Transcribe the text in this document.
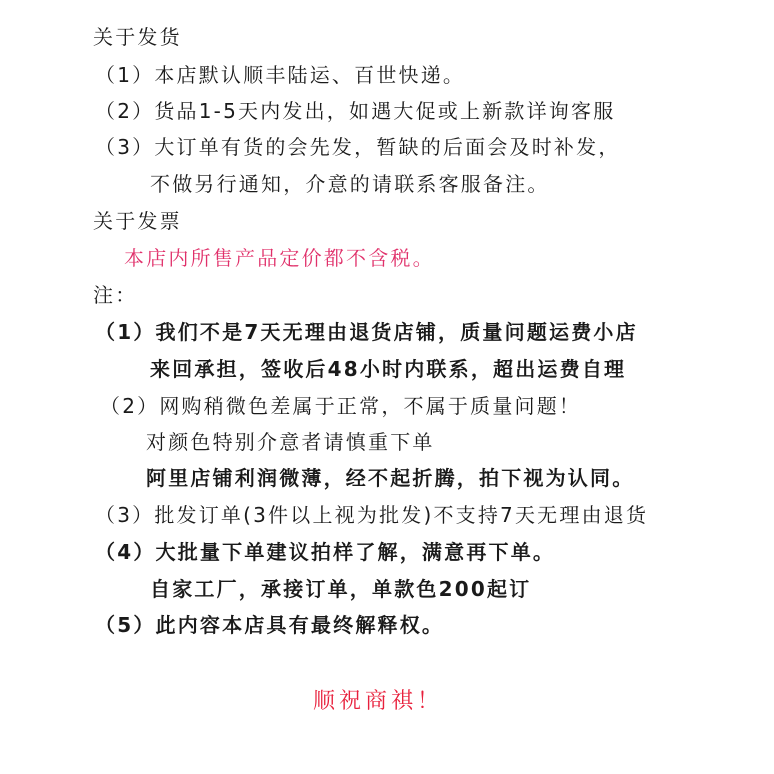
关于发货
（1）本店默认顺丰陆运、百世快递。
（2）货品1-5天内发出，如遇大促或上新款详询客服
（3）大订单有货的会先发，暂缺的后面会及时补发，
不做另行通知，介意的请联系客服备注。
关于发票
本店内所售产品定价都不含税。
注：
（1）我们不是7天无理由退货店铺，质量问题运费小店
来回承担，签收后48小时内联系，超出运费自理
（2）网购稍微色差属于正常，不属于质量问题！
对颜色特别介意者请慎重下单
阿里店铺利润微薄，经不起折腾，拍下视为认同。
（3）批发订单(3件以上视为批发)不支持7天无理由退货
（4）大批量下单建议拍样了解，满意再下单。
自家工厂，承接订单，单款色200起订
（5）此内容本店具有最终解释权。
顺祝商祺！
